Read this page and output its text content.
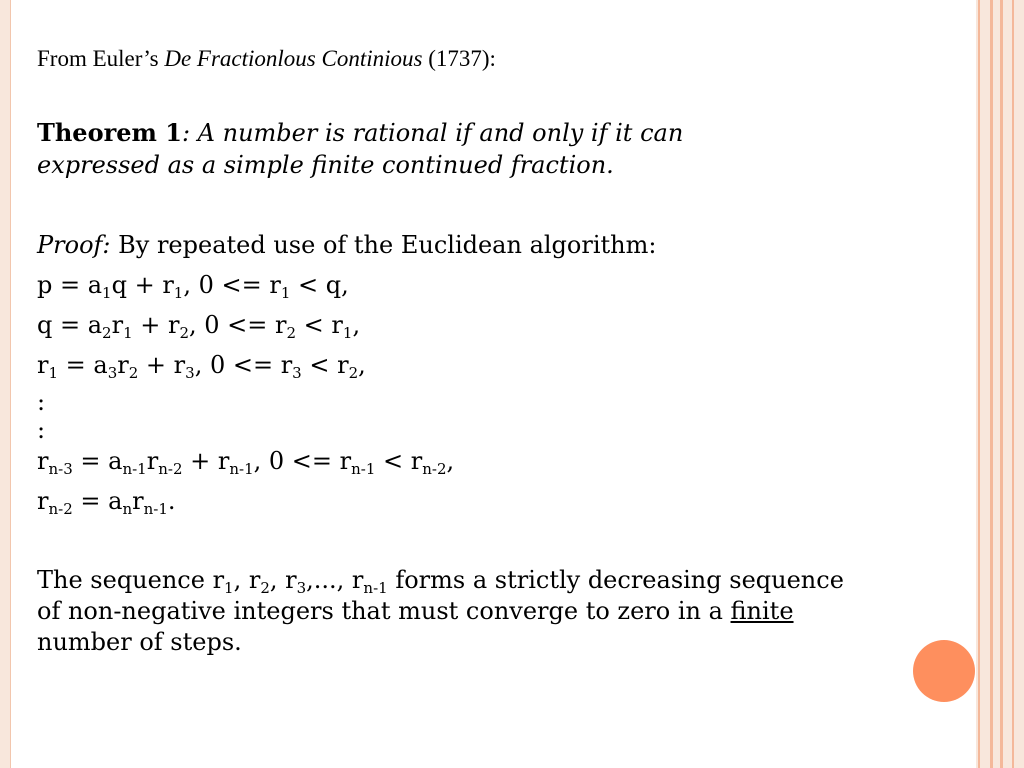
From Euler’s De Fractionlous Continious (1737):
Theorem 1: A number is rational if and only if it can expressed as a simple finite continued fraction.
Proof: By repeated use of the Euclidean algorithm:
$p = a_1q + r_1$, $0 <= r_1 < q$,
$q = a_2r_1 + r_2$, $0 <= r_2 < r_1$,
$r_1 = a_3r_2 + r_3$, $0 <= r_3 < r_2$,
:
:
$r_{n-3} = a_{n-1}r_{n-2} + r_{n-1}$, $0 <= r_{n-1} < r_{n-2}$,
$r_{n-2} = a_nr_{n-1}$.
The sequence $r_1$, $r_2$, $r_3$,..., $r_{n-1}$ forms a strictly decreasing sequence of non-negative integers that must converge to zero in a finite number of steps.
